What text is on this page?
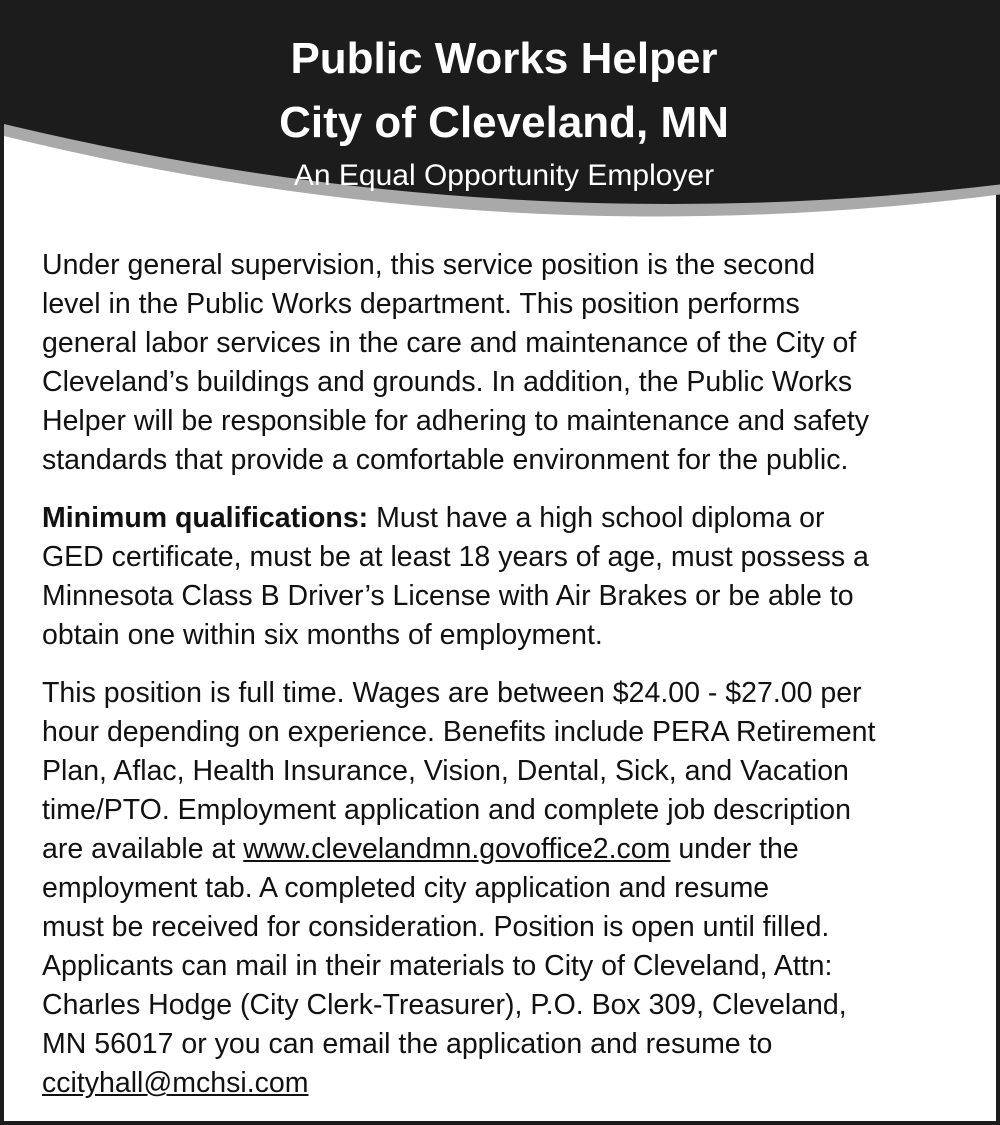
Public Works Helper
City of Cleveland, MN
An Equal Opportunity Employer

Under general supervision, this service position is the second
level in the Public Works department. This position performs
general labor services in the care and maintenance of the City of
Cleveland’s buildings and grounds. In addition, the Public Works
Helper will be responsible for adhering to maintenance and safety
standards that provide a comfortable environment for the public.

Minimum qualifications: Must have a high school diploma or
GED certificate, must be at least 18 years of age, must possess a
Minnesota Class B Driver’s License with Air Brakes or be able to
obtain one within six months of employment.

This position is full time. Wages are between $24.00 - $27.00 per
hour depending on experience. Benefits include PERA Retirement
Plan, Aflac, Health Insurance, Vision, Dental, Sick, and Vacation
time/PTO. Employment application and complete job description
are available at www.clevelandmn.govoffice2.com under the
employment tab. A completed city application and resume
must be received for consideration. Position is open until filled.
Applicants can mail in their materials to City of Cleveland, Attn:
Charles Hodge (City Clerk-Treasurer), P.O. Box 309, Cleveland,
MN 56017 or you can email the application and resume to
ccityhall@mchsi.com
